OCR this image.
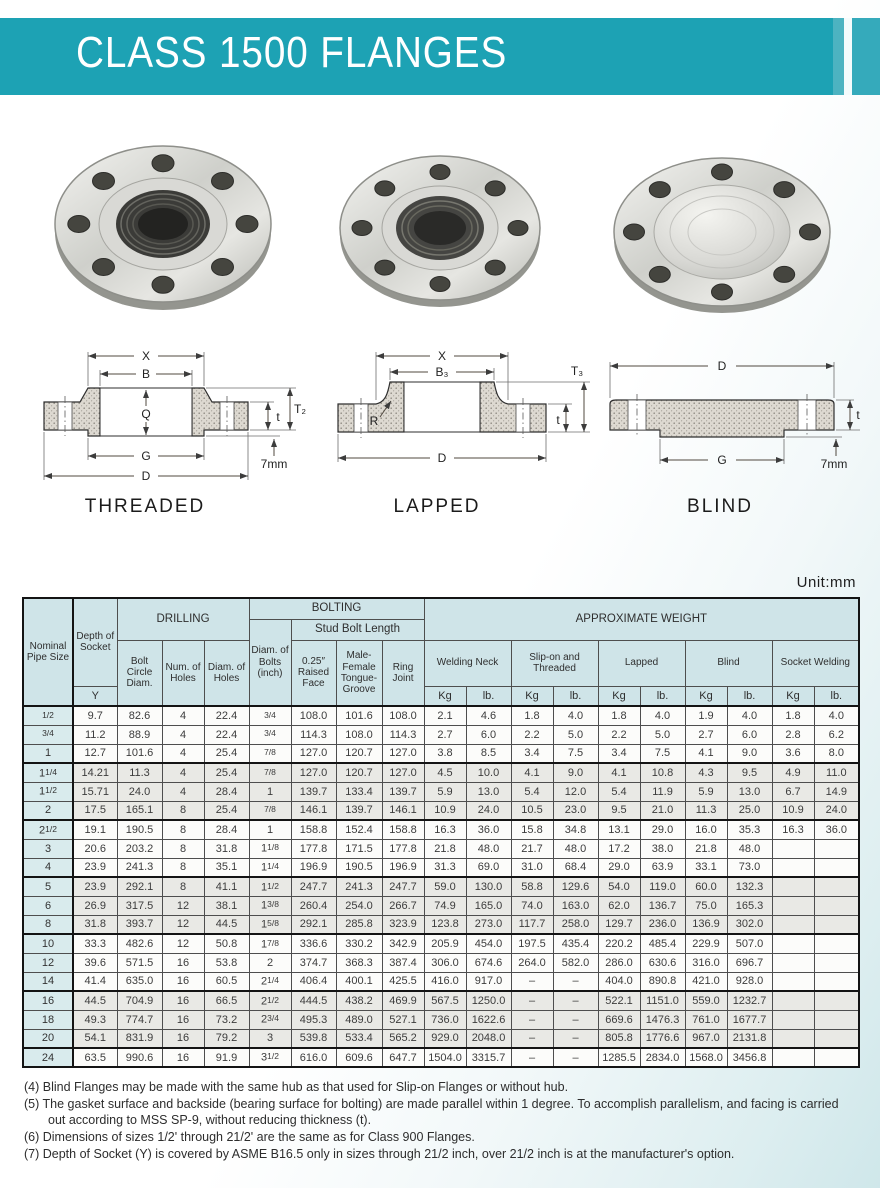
CLASS 1500 FLANGES
X
B
Q
G
D
t
T₂
7mm
X
B₃
R
D
t
T₃	D
G
t
7mm
THREADED	LAPPED	BLIND
Unit:mm
Nominal Pipe Size	Depth of Socket	DRILLING			BOLTING				APPROXIMATE WEIGHT									
					Diam. of Bolts (inch)	Stud Bolt Length												
		Bolt Circle Diam.	Num. of Holes	Diam. of Holes		0.25″ Raised Face	Male-Female Tongue-Groove	Ring Joint	Welding Neck		Slip-on and Threaded		Lapped		Blind		Socket Welding	
	Y								Kg	lb.	Kg	lb.	Kg	lb.	Kg	lb.	Kg	lb.
1/2	9.7	82.6	4	22.4	3/4	108.0	101.6	108.0	2.1	4.6	1.8	4.0	1.8	4.0	1.9	4.0	1.8	4.0
3/4	11.2	88.9	4	22.4	3/4	114.3	108.0	114.3	2.7	6.0	2.2	5.0	2.2	5.0	2.7	6.0	2.8	6.2
1	12.7	101.6	4	25.4	7/8	127.0	120.7	127.0	3.8	8.5	3.4	7.5	3.4	7.5	4.1	9.0	3.6	8.0
11/4	14.21	11.3	4	25.4	7/8	127.0	120.7	127.0	4.5	10.0	4.1	9.0	4.1	10.8	4.3	9.5	4.9	11.0
11/2	15.71	24.0	4	28.4	1	139.7	133.4	139.7	5.9	13.0	5.4	12.0	5.4	11.9	5.9	13.0	6.7	14.9
2	17.5	165.1	8	25.4	7/8	146.1	139.7	146.1	10.9	24.0	10.5	23.0	9.5	21.0	11.3	25.0	10.9	24.0
21/2	19.1	190.5	8	28.4	1	158.8	152.4	158.8	16.3	36.0	15.8	34.8	13.1	29.0	16.0	35.3	16.3	36.0
3	20.6	203.2	8	31.8	11/8	177.8	171.5	177.8	21.8	48.0	21.7	48.0	17.2	38.0	21.8	48.0		
4	23.9	241.3	8	35.1	11/4	196.9	190.5	196.9	31.3	69.0	31.0	68.4	29.0	63.9	33.1	73.0		
5	23.9	292.1	8	41.1	11/2	247.7	241.3	247.7	59.0	130.0	58.8	129.6	54.0	119.0	60.0	132.3		
6	26.9	317.5	12	38.1	13/8	260.4	254.0	266.7	74.9	165.0	74.0	163.0	62.0	136.7	75.0	165.3		
8	31.8	393.7	12	44.5	15/8	292.1	285.8	323.9	123.8	273.0	117.7	258.0	129.7	236.0	136.9	302.0		
10	33.3	482.6	12	50.8	17/8	336.6	330.2	342.9	205.9	454.0	197.5	435.4	220.2	485.4	229.9	507.0		
12	39.6	571.5	16	53.8	2	374.7	368.3	387.4	306.0	674.6	264.0	582.0	286.0	630.6	316.0	696.7		
14	41.4	635.0	16	60.5	21/4	406.4	400.1	425.5	416.0	917.0	–	–	404.0	890.8	421.0	928.0		
16	44.5	704.9	16	66.5	21/2	444.5	438.2	469.9	567.5	1250.0	–	–	522.1	1151.0	559.0	1232.7		
18	49.3	774.7	16	73.2	23/4	495.3	489.0	527.1	736.0	1622.6	–	–	669.6	1476.3	761.0	1677.7		
20	54.1	831.9	16	79.2	3	539.8	533.4	565.2	929.0	2048.0	–	–	805.8	1776.6	967.0	2131.8		
24	63.5	990.6	16	91.9	31/2	616.0	609.6	647.7	1504.0	3315.7	–	–	1285.5	2834.0	1568.0	3456.8		

(4) Blind Flanges may be made with the same hub as that used for Slip-on Flanges or without hub.

(5) The gasket surface and backside (bearing surface for bolting) are made parallel within 1 degree. To accomplish parallelism, and facing is carried out according to MSS SP-9, without reducing thickness (t).

(6) Dimensions of sizes 1/2' through 21/2' are the same as for Class 900 Flanges.

(7) Depth of Socket (Y) is covered by ASME B16.5 only in sizes through 21/2 inch, over 21/2 inch is at the manufacturer's option.
